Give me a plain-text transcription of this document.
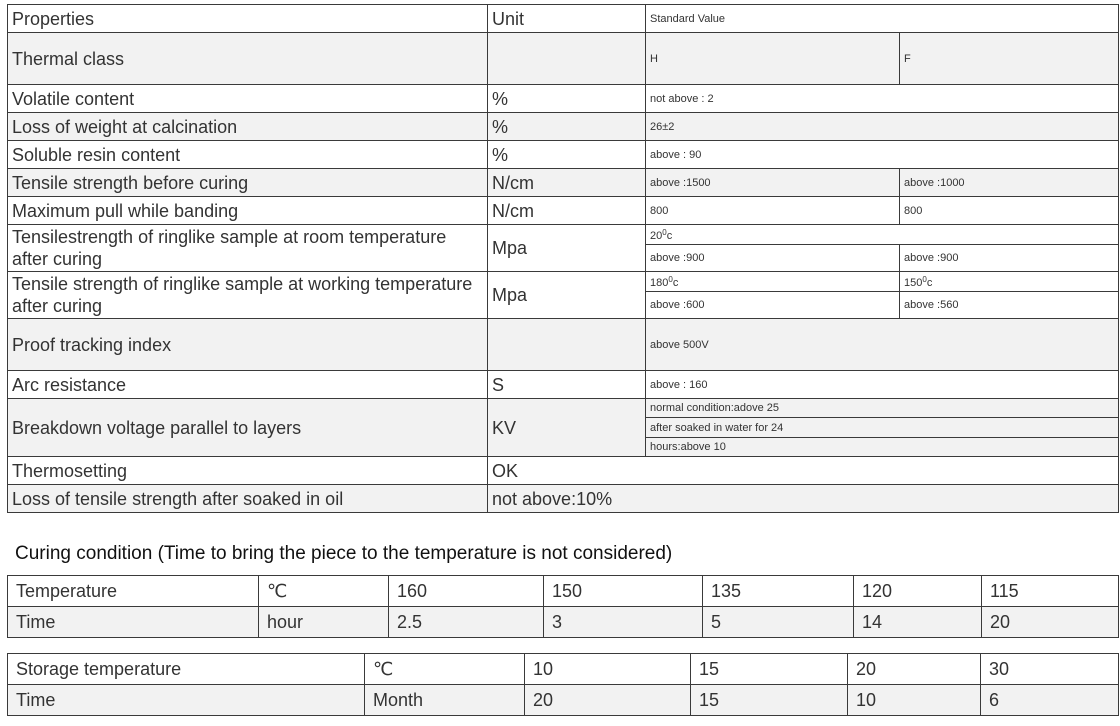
Properties	Unit	Standard Value	
Thermal class		H	F
Volatile content	%	not above : 2	
Loss of weight at calcination	%	26±2	
Soluble resin content	%	above : 90	
Tensile strength before curing	N/cm	above :1500	above :1000
Maximum pull while banding	N/cm	800	800
Tensilestrength of ringlike sample at room temperature after curing	Mpa	$20^0c$	
		above :900	above :900
Tensile strength of ringlike sample at working temperature after curing	Mpa	$180^0c$	$150^0c$
		above :600	above :560
Proof tracking index		above 500V	
Arc resistance	S	above : 160	
Breakdown voltage parallel to layers	KV	normal condition:adove 25	
		after soaked in water for 24	
		hours:above 10	
Thermosetting	OK		
Loss of tensile strength after soaked in oil	not above:10%		

Curing condition (Time to bring the piece to the temperature is not considered)

Temperature	℃	160	150	135	120	115
Time	hour	2.5	3	5	14	20
Storage temperature	℃	10	15	20	30
Time	Month	20	15	10	6
